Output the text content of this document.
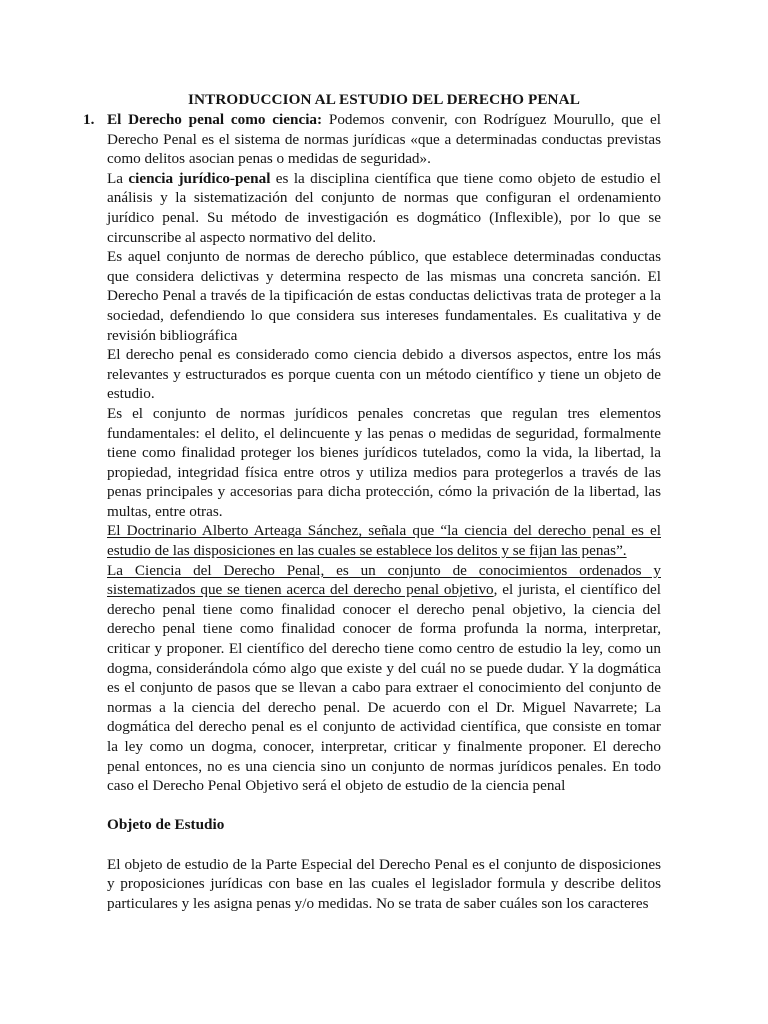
INTRODUCCION AL ESTUDIO DEL DERECHO PENAL
1. El Derecho penal como ciencia: Podemos convenir, con Rodríguez Mourullo, que el Derecho Penal es el sistema de normas jurídicas «que a determinadas conductas previstas como delitos asocian penas o medidas de seguridad».

La ciencia jurídico-penal es la disciplina científica que tiene como objeto de estudio el análisis y la sistematización del conjunto de normas que configuran el ordenamiento jurídico penal. Su método de investigación es dogmático (Inflexible), por lo que se circunscribe al aspecto normativo del delito.

Es aquel conjunto de normas de derecho público, que establece determinadas conductas que considera delictivas y determina respecto de las mismas una concreta sanción. El Derecho Penal a través de la tipificación de estas conductas delictivas trata de proteger a la sociedad, defendiendo lo que considera sus intereses fundamentales. Es cualitativa y de revisión bibliográfica

El derecho penal es considerado como ciencia debido a diversos aspectos, entre los más relevantes y estructurados es porque cuenta con un método científico y tiene un objeto de estudio.

Es el conjunto de normas jurídicos penales concretas que regulan tres elementos fundamentales: el delito, el delincuente y las penas o medidas de seguridad, formalmente tiene como finalidad proteger los bienes jurídicos tutelados, como la vida, la libertad, la propiedad, integridad física entre otros y utiliza medios para protegerlos a través de las penas principales y accesorias para dicha protección, cómo la privación de la libertad, las multas, entre otras.

El Doctrinario Alberto Arteaga Sánchez, señala que “la ciencia del derecho penal es el estudio de las disposiciones en las cuales se establece los delitos y se fijan las penas”.

La Ciencia del Derecho Penal, es un conjunto de conocimientos ordenados y sistematizados que se tienen acerca del derecho penal objetivo, el jurista, el científico del derecho penal tiene como finalidad conocer el derecho penal objetivo, la ciencia del derecho penal tiene como finalidad conocer de forma profunda la norma, interpretar, criticar y proponer. El científico del derecho tiene como centro de estudio la ley, como un dogma, considerándola cómo algo que existe y del cuál no se puede dudar. Y la dogmática es el conjunto de pasos que se llevan a cabo para extraer el conocimiento del conjunto de normas a la ciencia del derecho penal. De acuerdo con el Dr. Miguel Navarrete; La dogmática del derecho penal es el conjunto de actividad científica, que consiste en tomar la ley como un dogma, conocer, interpretar, criticar y finalmente proponer. El derecho penal entonces, no es una ciencia sino un conjunto de normas jurídicos penales. En todo caso el Derecho Penal Objetivo será el objeto de estudio de la ciencia penal

Objeto de Estudio

El objeto de estudio de la Parte Especial del Derecho Penal es el conjunto de disposiciones y proposiciones jurídicas con base en las cuales el legislador formula y describe delitos particulares y les asigna penas y/o medidas. No se trata de saber cuáles son los caracteres
